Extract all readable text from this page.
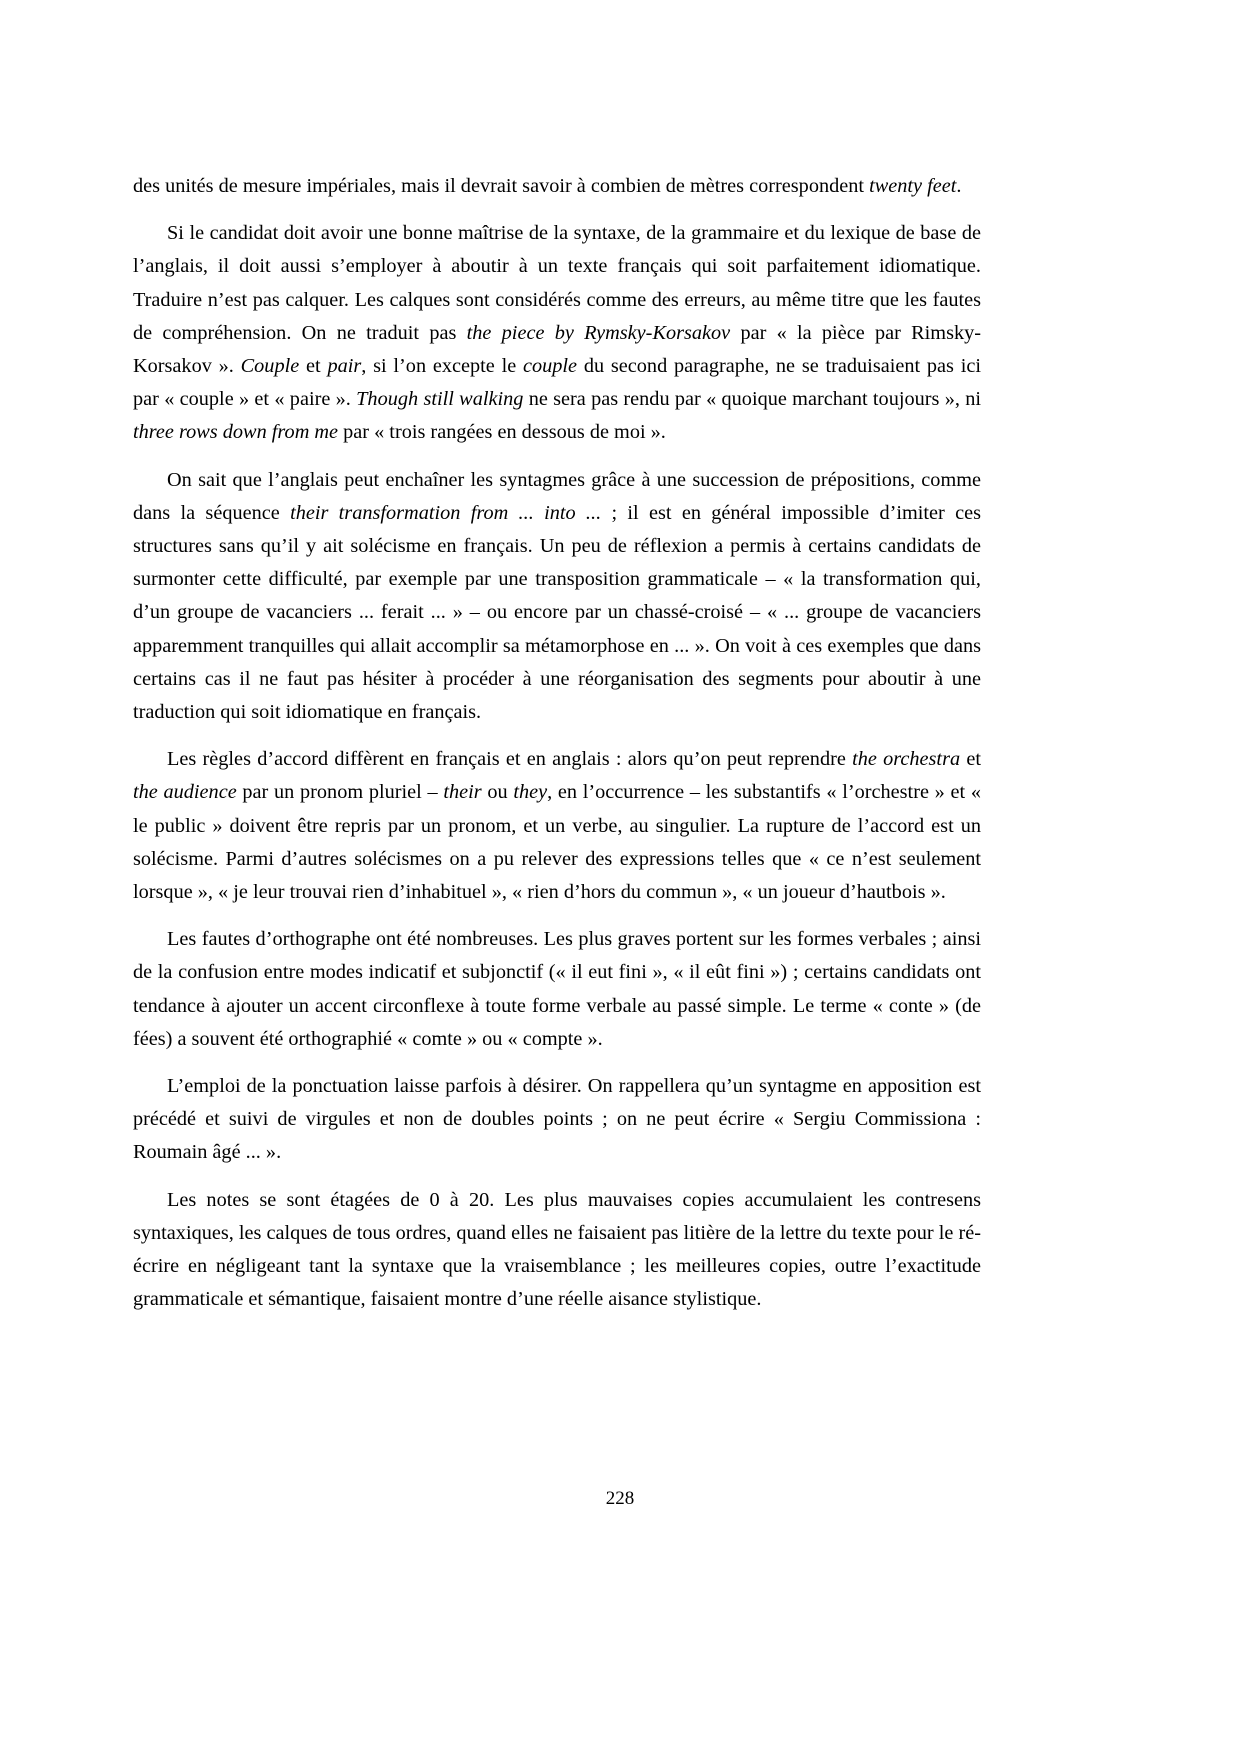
des unités de mesure impériales, mais il devrait savoir à combien de mètres correspondent twenty feet.

Si le candidat doit avoir une bonne maîtrise de la syntaxe, de la grammaire et du lexique de base de l’anglais, il doit aussi s’employer à aboutir à un texte français qui soit parfaitement idiomatique. Traduire n’est pas calquer. Les calques sont considérés comme des erreurs, au même titre que les fautes de compréhension. On ne traduit pas the piece by Rymsky-Korsakov par « la pièce par Rimsky-Korsakov ». Couple et pair, si l’on excepte le couple du second paragraphe, ne se traduisaient pas ici par « couple » et « paire ». Though still walking ne sera pas rendu par « quoique marchant toujours », ni three rows down from me par « trois rangées en dessous de moi ».

On sait que l’anglais peut enchaîner les syntagmes grâce à une succession de prépositions, comme dans la séquence their transformation from ... into ... ; il est en général impossible d’imiter ces structures sans qu’il y ait solécisme en français. Un peu de réflexion a permis à certains candidats de surmonter cette difficulté, par exemple par une transposition grammaticale – « la transformation qui, d’un groupe de vacanciers ... ferait ... » – ou encore par un chassé-croisé – « ... groupe de vacanciers apparemment tranquilles qui allait accomplir sa métamorphose en ... ». On voit à ces exemples que dans certains cas il ne faut pas hésiter à procéder à une réorganisation des segments pour aboutir à une traduction qui soit idiomatique en français.

Les règles d’accord diffèrent en français et en anglais : alors qu’on peut reprendre the orchestra et the audience par un pronom pluriel – their ou they, en l’occurrence – les substantifs « l’orchestre » et « le public » doivent être repris par un pronom, et un verbe, au singulier. La rupture de l’accord est un solécisme. Parmi d’autres solécismes on a pu relever des expressions telles que « ce n’est seulement lorsque », « je leur trouvai rien d’inhabituel », « rien d’hors du commun », « un joueur d’hautbois ».

Les fautes d’orthographe ont été nombreuses. Les plus graves portent sur les formes verbales ; ainsi de la confusion entre modes indicatif et subjonctif (« il eut fini », « il eût fini ») ; certains candidats ont tendance à ajouter un accent circonflexe à toute forme verbale au passé simple. Le terme « conte » (de fées) a souvent été orthographié « comte » ou « compte ».

L’emploi de la ponctuation laisse parfois à désirer. On rappellera qu’un syntagme en apposition est précédé et suivi de virgules et non de doubles points ; on ne peut écrire « Sergiu Commissiona : Roumain âgé ... ».

Les notes se sont étagées de 0 à 20. Les plus mauvaises copies accumulaient les contresens syntaxiques, les calques de tous ordres, quand elles ne faisaient pas litière de la lettre du texte pour le ré-écrire en négligeant tant la syntaxe que la vraisemblance ; les meilleures copies, outre l’exactitude grammaticale et sémantique, faisaient montre d’une réelle aisance stylistique.

228
